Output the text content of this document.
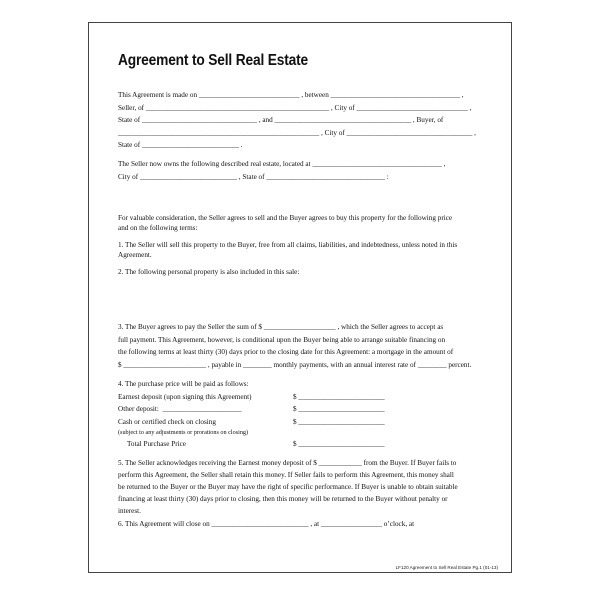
Agreement to Sell Real Estate
This Agreement is made on ____________________________ , between ____________________________________ ,
Seller, of ___________________________________________________ , City of _______________________________ ,
State of ________________________________ , and ______________________________________ , Buyer, of
________________________________________________________ , City of ___________________________________ ,
State of ___________________________ .
The Seller now owns the following described real estate, located at ____________________________________ ,
City of ___________________________ , State of _________________________________ :
For valuable consideration, the Seller agrees to sell and the Buyer agrees to buy this property for the following price
and on the following terms:
1. The Seller will sell this property to the Buyer, free from all claims, liabilities, and indebtedness, unless noted in this
Agreement.
2. The following personal property is also included in this sale:
3. The Buyer agrees to pay the Seller the sum of $ ____________________ , which the Seller agrees to accept as
full payment. This Agreement, however, is conditional upon the Buyer being able to arrange suitable financing on
the following terms at least thirty (30) days prior to the closing date for this Agreement: a mortgage in the amount of
$ _______________________ , payable in ________ monthly payments, with an annual interest rate of ________ percent.
4. The purchase price will be paid as follows:
Earnest deposit (upon signing this Agreement)	$ ________________________
Other deposit:  ______________________	$ ________________________
Cash or certified check on closing	$ ________________________
(subject to any adjustments or prorations on closing)
Total Purchase Price	$ ________________________
5. The Seller acknowledges receiving the Earnest money deposit of $ ____________ from the Buyer. If Buyer fails to
perform this Agreement, the Seller shall retain this money. If Seller fails to perform this Agreement, this money shall
be returned to the Buyer or the Buyer may have the right of specific performance. If Buyer is unable to obtain suitable
financing at least thirty (30) days prior to closing, then this money will be returned to the Buyer without penalty or
interest.
6. This Agreement will close on ___________________________ , at _________________ o’clock, at
LF120 Agreement to Sell Real Estate Pg.1 (01-13)
